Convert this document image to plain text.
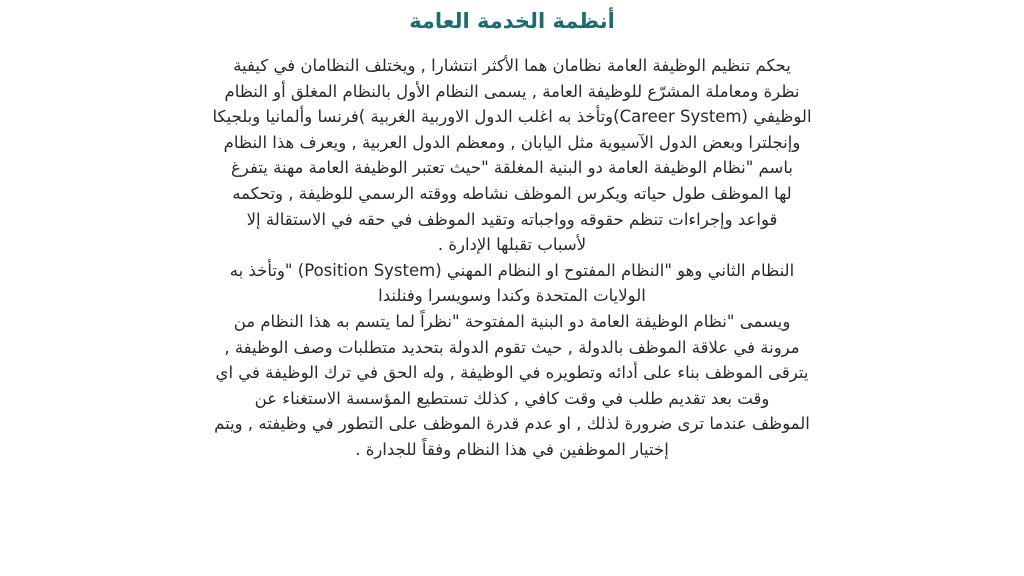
أنظمة الخدمة العامة
يحكم تنظيم الوظيفة العامة نظامان هما الأكثر انتشارا , ويختلف النظامان في كيفية
نظرة ومعاملة المشرّع للوظيفة العامة , يسمى النظام الأول بالنظام المغلق أو النظام
الوظيفي (Career System)وتأخذ به اغلب الدول الاوربية الغربية )فرنسا وألمانيا وبلجيكا
وإنجلترا وبعض الدول الآسيوية مثل اليابان , ومعظم الدول العربية , ويعرف هذا النظام
باسم "نظام الوظيفة العامة دو البنية المغلقة "حيث تعتبر الوظيفة العامة مهنة يتفرغ
لها الموظف طول حياته ويكرس الموظف نشاطه ووقته الرسمي للوظيفة , وتحكمه
قواعد وإجراءات تنظم حقوقه وواجباته وتقيد الموظف في حقه في الاستقالة إلا
لأسباب تقبلها الإدارة .
النظام الثاني وهو "النظام المفتوح او النظام المهني (Position System) "وتأخذ به
الولايات المتحدة وكندا وسويسرا وفنلندا
ويسمى "نظام الوظيفة العامة دو البنية المفتوحة "نظراً لما يتسم به هذا النظام من
مرونة في علاقة الموظف بالدولة , حيث تقوم الدولة بتحديد متطلبات وصف الوظيفة ,
يترقى الموظف بناء على أدائه وتطويره في الوظيفة , وله الحق في ترك الوظيفة في اي
وقت بعد تقديم طلب في وقت كافي , كذلك تستطيع المؤسسة الاستغناء عن
الموظف عندما ترى ضرورة لذلك , او عدم قدرة الموظف على التطور في وظيفته , ويتم
إختيار الموظفين في هذا النظام وفقاً للجدارة .
